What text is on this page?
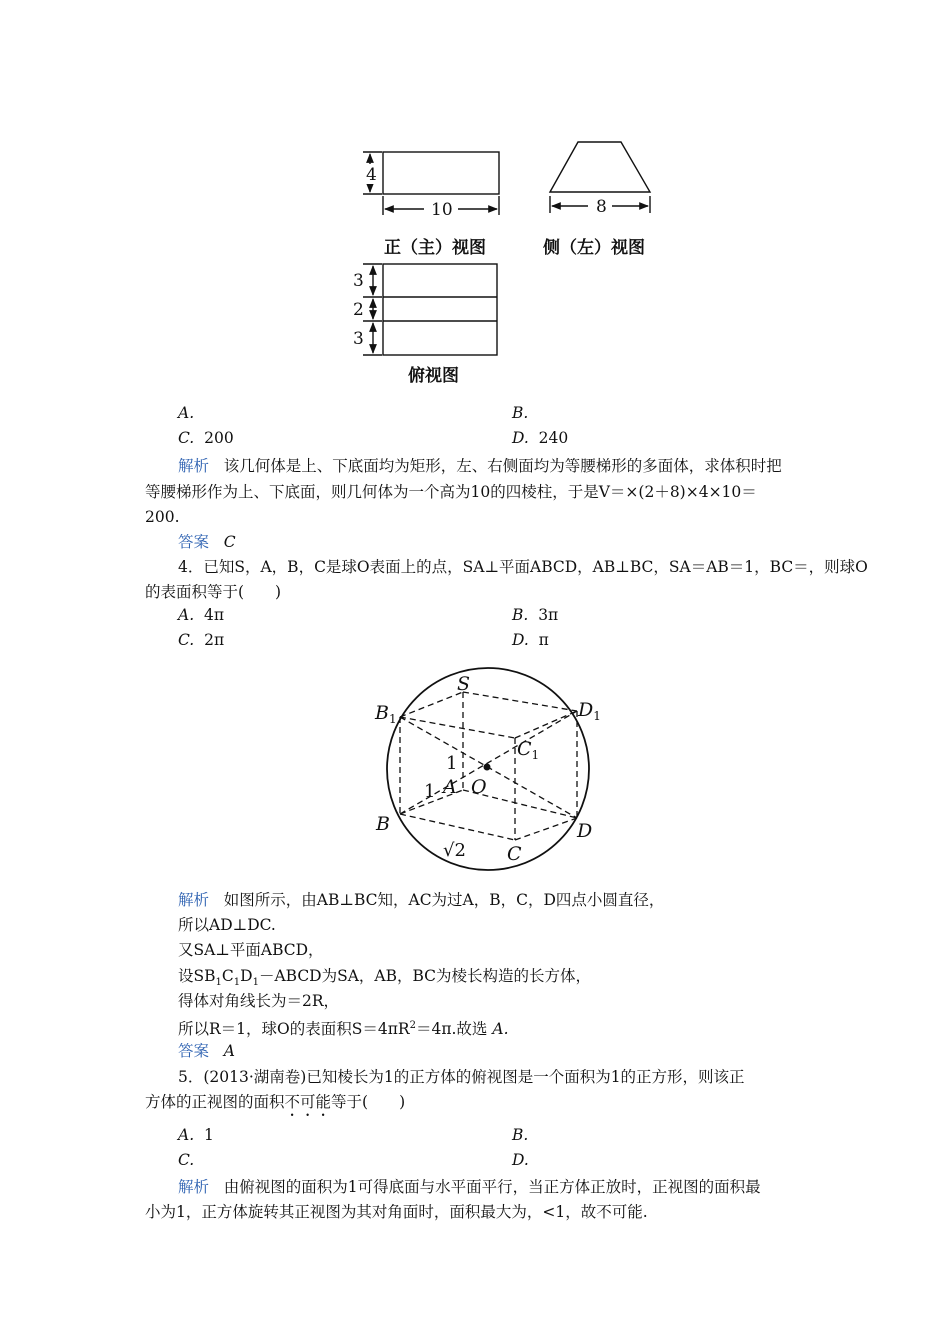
4
10	8
3
2
3
正（主）视图	侧（左）视图
俯视图
A.	B.
C. 200	D. 240
解析 该几何体是上、下底面均为矩形，左、右侧面均为等腰梯形的多面体，求体积时把
等腰梯形作为上、下底面，则几何体为一个高为10的四棱柱，于是V＝×(2＋8)×4×10＝
200.
答案 C
4．已知S，A，B，C是球O表面上的点，SA⊥平面ABCD，AB⊥BC，SA＝AB＝1，BC＝，则球O
的表面积等于(　　)
A. 4π	B. 3π
C. 2π	D. π
S
$B_1$	$D_1$
$C_1$
O
A
B
C
D
1
1
√2
解析 如图所示，由AB⊥BC知，AC为过A，B，C，D四点小圆直径，
所以AD⊥DC.
又SA⊥平面ABCD，
设$SB_1C_1D_1-ABCD$为SA，AB，BC为棱长构造的长方体，
得体对角线长为＝2R，
所以R＝1，球O的表面积$S=4\pi R^2=4\pi$.故选 A.
答案 A
5．(2013·湖南卷)已知棱长为1的正方体的俯视图是一个面积为1的正方形，则该正
方体的正视图的面积不可能等于(　　)
A. 1	B.
C.	D.
解析 由俯视图的面积为1可得底面与水平面平行，当正方体正放时，正视图的面积最
小为1，正方体旋转其正视图为其对角面时，面积最大为，<1，故不可能.
